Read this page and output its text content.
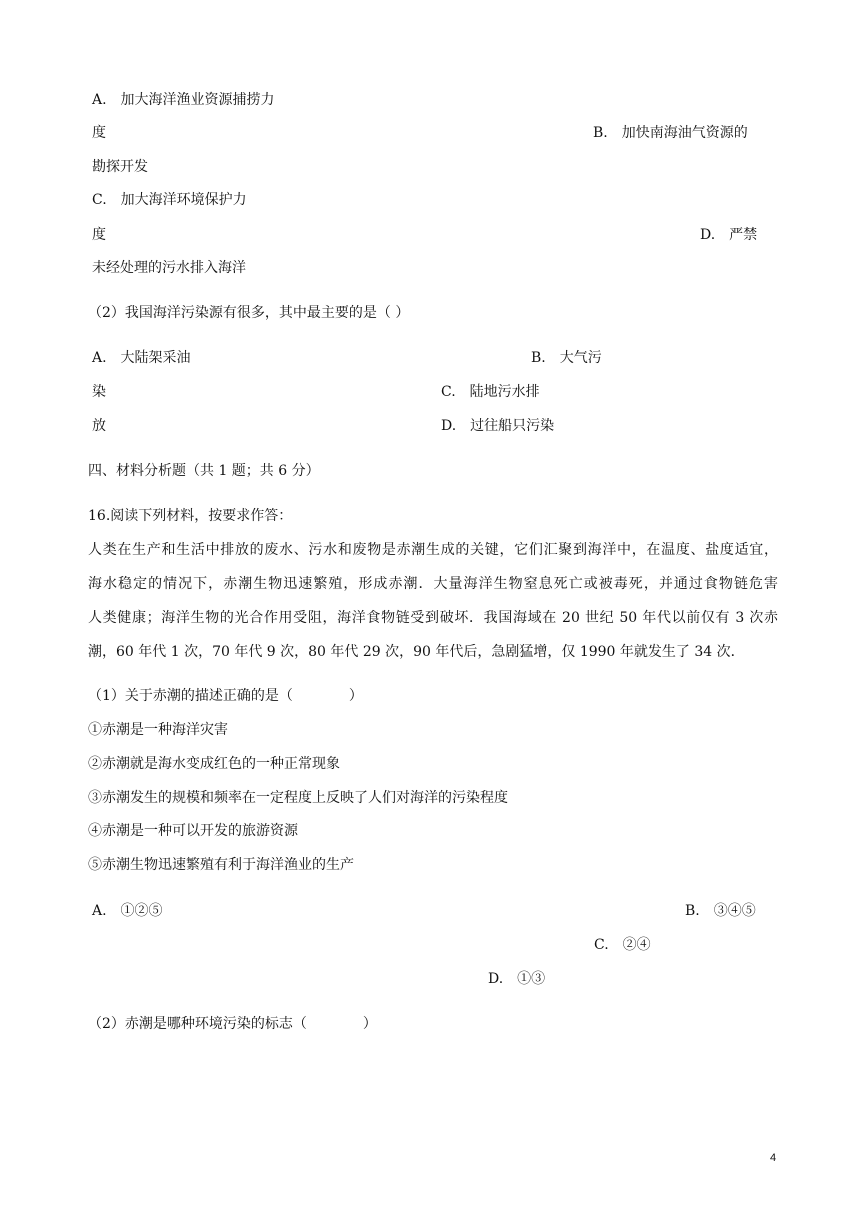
A.　加大海洋渔业资源捕捞力
度	B.　加快南海油气资源的
勘探开发
C.　加大海洋环境保护力
度	D.　严禁
未经处理的污水排入海洋
（2）我国海洋污染源有很多，其中最主要的是（ ）
A.　大陆架采油	B.　大气污
染	C.　陆地污水排
放	D.　过往船只污染
四、材料分析题（共 1 题；共 6 分）
16.阅读下列材料，按要求作答：
人类在生产和生活中排放的废水、污水和废物是赤潮生成的关键，它们汇聚到海洋中，在温度、盐度适宜，
海水稳定的情况下，赤潮生物迅速繁殖，形成赤潮．大量海洋生物窒息死亡或被毒死，并通过食物链危害
人类健康；海洋生物的光合作用受阻，海洋食物链受到破坏．我国海域在 20 世纪 50 年代以前仅有 3 次赤
潮，60 年代 1 次，70 年代 9 次，80 年代 29 次，90 年代后，急剧猛增，仅 1990 年就发生了 34 次．
（1）关于赤潮的描述正确的是（　　　　）
①赤潮是一种海洋灾害
②赤潮就是海水变成红色的一种正常现象
③赤潮发生的规模和频率在一定程度上反映了人们对海洋的污染程度
④赤潮是一种可以开发的旅游资源
⑤赤潮生物迅速繁殖有利于海洋渔业的生产
A.　①②⑤	B.　③④⑤
C.　②④
D.　①③
（2）赤潮是哪种环境污染的标志（　　　　）
4
